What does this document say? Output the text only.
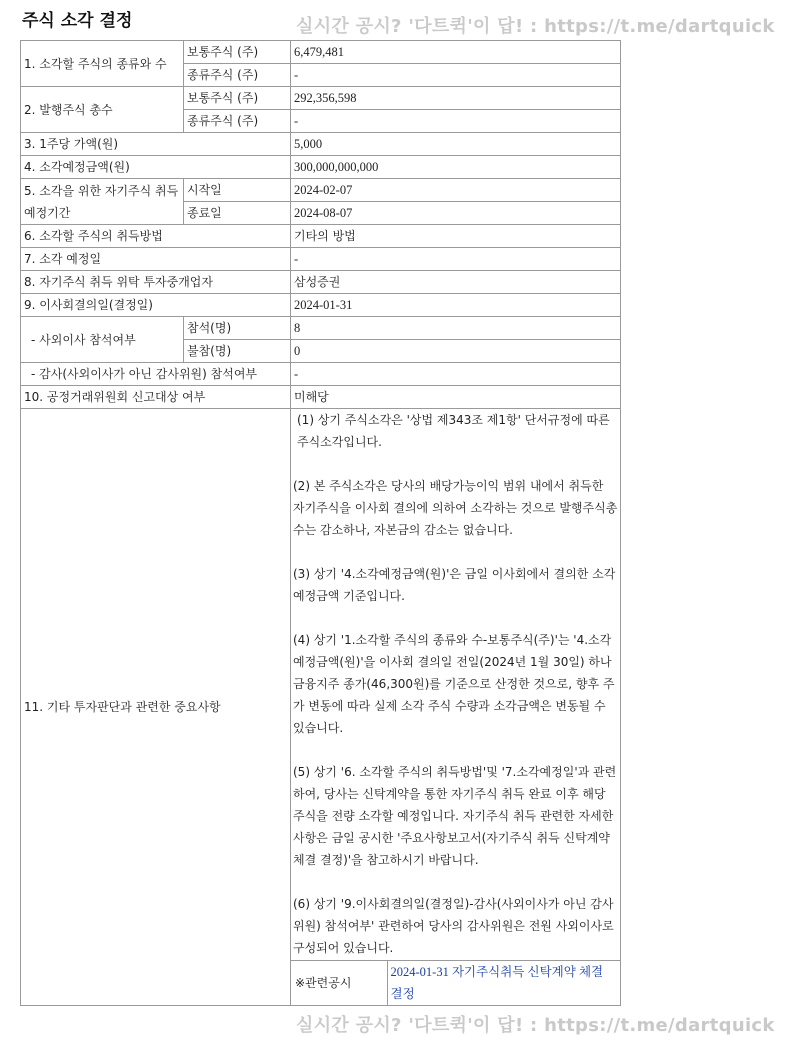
주식 소각 결정	실시간 공시? '다트퀵'이 답! : https://t.me/dartquick
1. 소각할 주식의 종류와 수	보통주식 (주)	6,479,481
종류주식 (주)	-
2. 발행주식 총수	보통주식 (주)	292,356,598
종류주식 (주)	-
3. 1주당 가액(원)	5,000
4. 소각예정금액(원)	300,000,000,000
5. 소각을 위한 자기주식 취득 예정기간	시작일	2024-02-07
종료일	2024-08-07
6. 소각할 주식의 취득방법	기타의 방법
7. 소각 예정일	-
8. 자기주식 취득 위탁 투자중개업자	삼성증권
9. 이사회결의일(결정일)	2024-01-31
- 사외이사 참석여부	참석(명)	8
불참(명)	0
- 감사(사외이사가 아닌 감사위원) 참석여부	-
10. 공정거래위원회 신고대상 여부	미해당
11. 기타 투자판단과 관련한 중요사항	

(1) 상기 주식소각은 '상법 제343조 제1항' 단서규정에 따른 주식소각입니다.

(2) 본 주식소각은 당사의 배당가능이익 범위 내에서 취득한 자기주식을 이사회 결의에 의하여 소각하는 것으로 발행주식총수는 감소하나, 자본금의 감소는 없습니다.

(3) 상기 '4.소각예정금액(원)'은 금일 이사회에서 결의한 소각 예정금액 기준입니다.

(4) 상기 '1.소각할 주식의 종류와 수-보통주식(주)'는 '4.소각예정금액(원)'을 이사회 결의일 전일(2024년 1월 30일) 하나금융지주 종가(46,300원)를 기준으로 산정한 것으로, 향후 주가 변동에 따라 실제 소각 주식 수량과 소각금액은 변동될 수 있습니다.

(5) 상기 '6. 소각할 주식의 취득방법'및 '7.소각예정일'과 관련하여, 당사는 신탁계약을 통한 자기주식 취득 완료 이후 해당 주식을 전량 소각할 예정입니다. 자기주식 취득 관련한 자세한 사항은 금일 공시한 '주요사항보고서(자기주식 취득 신탁계약 체결 결정)'을 참고하시기 바랍니다.

(6) 상기 '9.이사회결의일(결정일)-감사(사외이사가 아닌 감사위원) 참석여부' 관련하여 당사의 감사위원은 전원 사외이사로 구성되어 있습니다.

※관련공시	2024-01-31 자기주식취득 신탁계약 체결 결정
실시간 공시? '다트퀵'이 답! : https://t.me/dartquick
